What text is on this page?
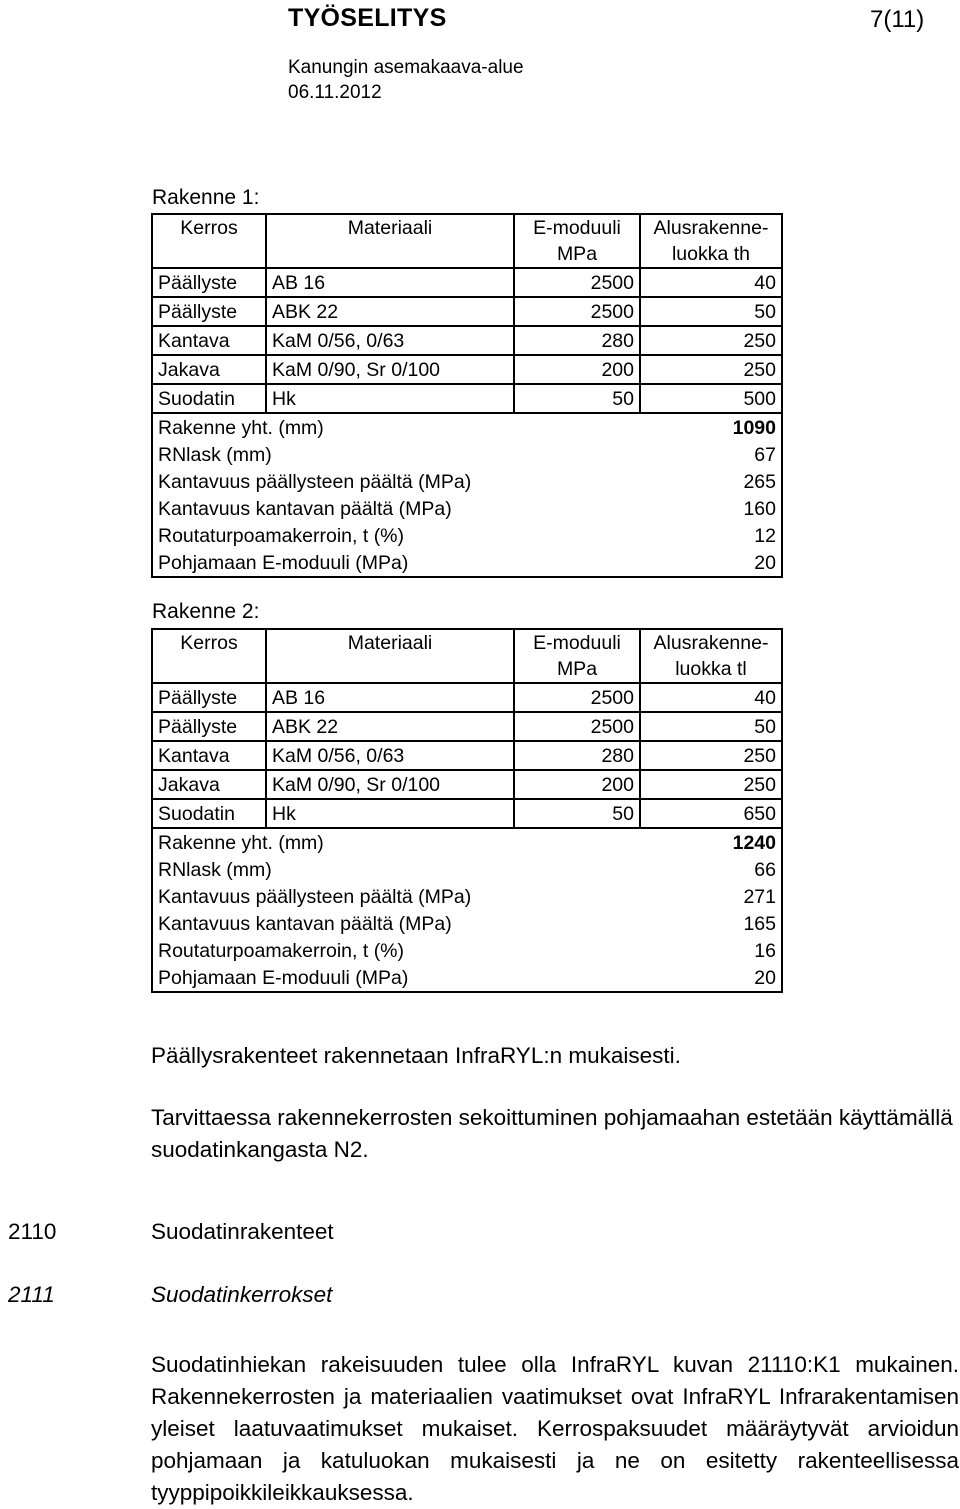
TYÖSELITYS	7(11)
Kanungin asemakaava-alue
06.11.2012
Rakenne 1:
Kerros	Materiaali	E-moduuli	Alusrakenne-
		MPa	luokka th
Päällyste	AB 16	2500	40
Päällyste	ABK 22	2500	50
Kantava	KaM 0/56, 0/63	280	250
Jakava	KaM 0/90, Sr 0/100	200	250
Suodatin	Hk	50	500
Rakenne yht. (mm)			1090
RNlask (mm)			67
Kantavuus päällysteen päältä (MPa)			265
Kantavuus kantavan päältä (MPa)			160
Routaturpoamakerroin, t (%)			12
Pohjamaan E-moduuli (MPa)			20
Rakenne 2:
Kerros	Materiaali	E-moduuli	Alusrakenne-
		MPa	luokka tl
Päällyste	AB 16	2500	40
Päällyste	ABK 22	2500	50
Kantava	KaM 0/56, 0/63	280	250
Jakava	KaM 0/90, Sr 0/100	200	250
Suodatin	Hk	50	650
Rakenne yht. (mm)			1240
RNlask (mm)			66
Kantavuus päällysteen päältä (MPa)			271
Kantavuus kantavan päältä (MPa)			165
Routaturpoamakerroin, t (%)			16
Pohjamaan E-moduuli (MPa)			20
Päällysrakenteet rakennetaan InfraRYL:n mukaisesti.
Tarvittaessa rakennekerrosten sekoittuminen pohjamaahan estetään käyttämällä suodatinkangasta N2.
2110	Suodatinrakenteet
2111	Suodatinkerrokset
Suodatinhiekan rakeisuuden tulee olla InfraRYL kuvan 21110:K1 mukainen. Rakennekerrosten ja materiaalien vaatimukset ovat InfraRYL Infrarakentamisen yleiset laatuvaatimukset mukaiset. Kerrospaksuudet määräytyvät arvioidun pohjamaan ja katuluokan mukaisesti ja ne on esitetty rakenteellisessa tyyppipoikkileikkauksessa.
